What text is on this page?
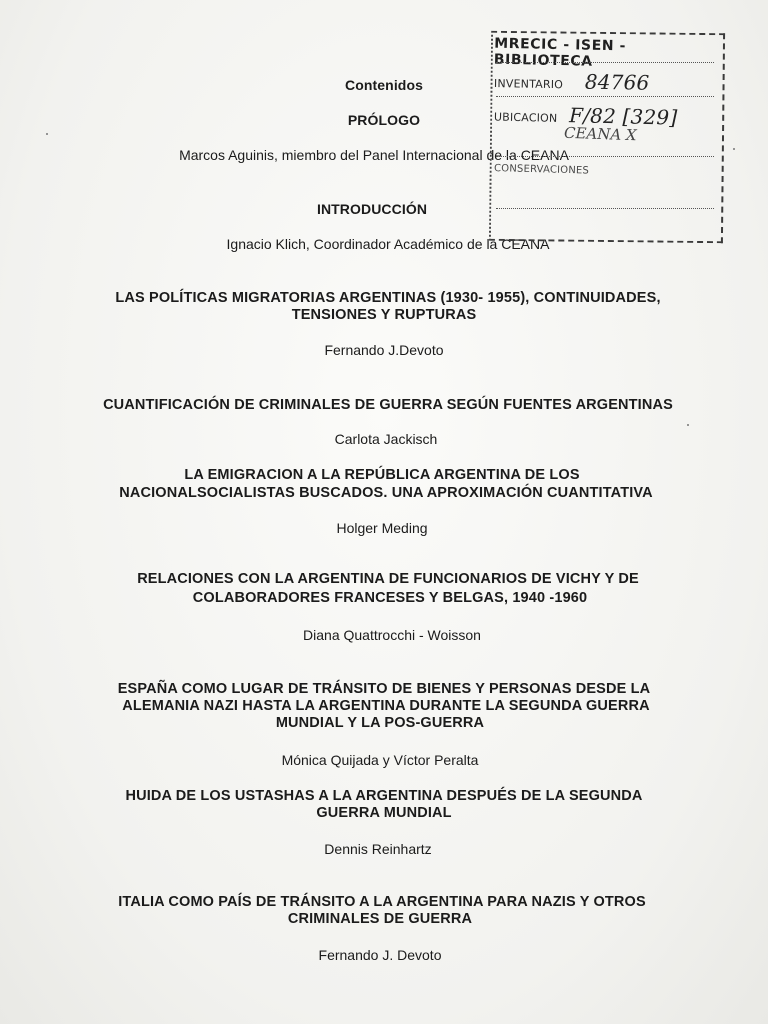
Contenidos

PRÓLOGO

Marcos Aguinis, miembro del Panel Internacional de la CEANA

INTRODUCCIÓN

Ignacio Klich, Coordinador Académico de la CEANA

LAS POLÍTICAS MIGRATORIAS ARGENTINAS (1930- 1955), CONTINUIDADES,

TENSIONES Y RUPTURAS

Fernando J.Devoto

CUANTIFICACIÓN DE CRIMINALES DE GUERRA SEGÚN FUENTES ARGENTINAS

Carlota Jackisch

LA EMIGRACION A LA REPÚBLICA ARGENTINA DE LOS

NACIONALSOCIALISTAS BUSCADOS. UNA APROXIMACIÓN CUANTITATIVA

Holger Meding

RELACIONES CON LA ARGENTINA DE FUNCIONARIOS DE VICHY Y DE

COLABORADORES FRANCESES Y BELGAS, 1940 -1960

Diana Quattrocchi - Woisson

ESPAÑA COMO LUGAR DE TRÁNSITO DE BIENES Y PERSONAS DESDE LA

ALEMANIA NAZI HASTA LA ARGENTINA DURANTE LA SEGUNDA GUERRA

MUNDIAL Y LA POS-GUERRA

Mónica Quijada y Víctor Peralta

HUIDA DE LOS USTASHAS A LA ARGENTINA DESPUÉS DE LA SEGUNDA

GUERRA MUNDIAL

Dennis Reinhartz

ITALIA COMO PAÍS DE TRÁNSITO A LA ARGENTINA PARA NAZIS Y OTROS

CRIMINALES DE GUERRA

Fernando J. Devoto

MRECIC - ISEN - BIBLIOTECA
INVENTARIO 84766
UBICACION F/82 [329]
CEANA X
CONSERVACIONES
